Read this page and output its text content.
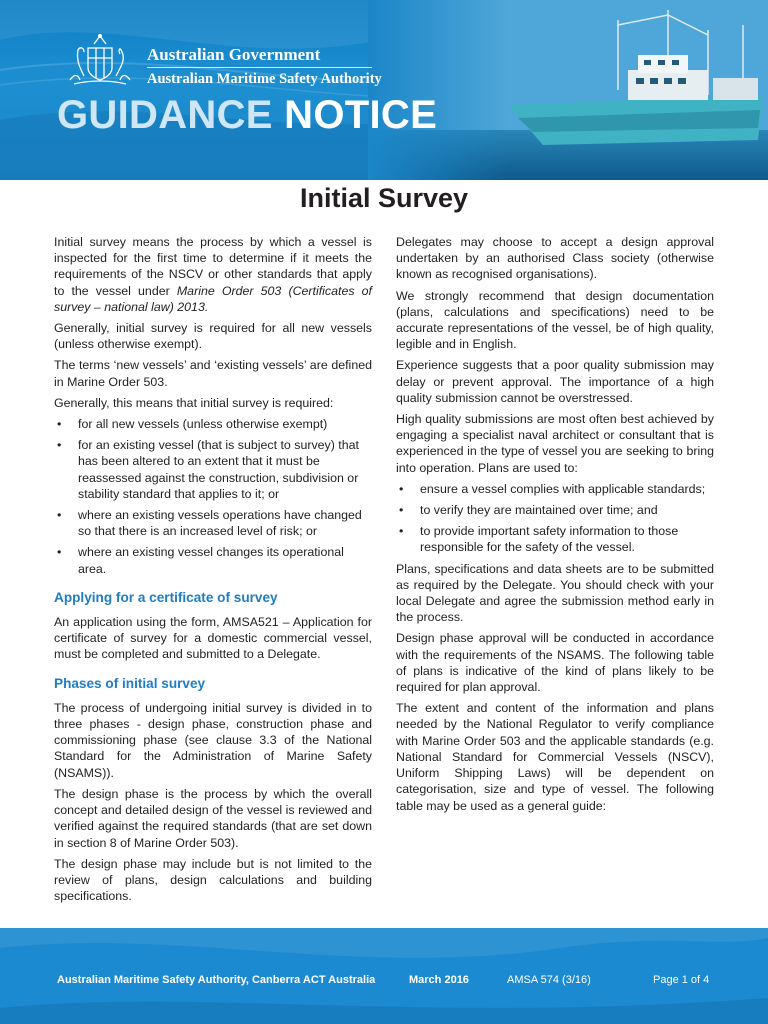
Australian Government
Australian Maritime Safety Authority
GUIDANCE NOTICE
Initial Survey

Initial survey means the process by which a vessel is inspected for the first time to determine if it meets the requirements of the NSCV or other standards that apply to the vessel under Marine Order 503 (Certificates of survey – national law) 2013.

Generally, initial survey is required for all new vessels (unless otherwise exempt).

The terms ‘new vessels’ and ‘existing vessels’ are defined in Marine Order 503.

Generally, this means that initial survey is required:

• for all new vessels (unless otherwise exempt)
• for an existing vessel (that is subject to survey) that has been altered to an extent that it must be reassessed against the construction, subdivision or stability standard that applies to it; or
• where an existing vessels operations have changed so that there is an increased level of risk; or
• where an existing vessel changes its operational area.
Applying for a certificate of survey

An application using the form, AMSA521 – Application for certificate of survey for a domestic commercial vessel, must be completed and submitted to a Delegate.

Phases of initial survey

The process of undergoing initial survey is divided in to three phases - design phase, construction phase and commissioning phase (see clause 3.3 of the National Standard for the Administration of Marine Safety (NSAMS)).

The design phase is the process by which the overall concept and detailed design of the vessel is reviewed and verified against the required standards (that are set down in section 8 of Marine Order 503).

The design phase may include but is not limited to the review of plans, design calculations and building specifications.

Delegates may choose to accept a design approval undertaken by an authorised Class society (otherwise known as recognised organisations).

We strongly recommend that design documentation (plans, calculations and specifications) need to be accurate representations of the vessel, be of high quality, legible and in English.

Experience suggests that a poor quality submission may delay or prevent approval. The importance of a high quality submission cannot be overstressed.

High quality submissions are most often best achieved by engaging a specialist naval architect or consultant that is experienced in the type of vessel you are seeking to bring into operation. Plans are used to:

• ensure a vessel complies with applicable standards;
• to verify they are maintained over time; and
• to provide important safety information to those responsible for the safety of the vessel.

Plans, specifications and data sheets are to be submitted as required by the Delegate. You should check with your local Delegate and agree the submission method early in the process.

Design phase approval will be conducted in accordance with the requirements of the NSAMS. The following table of plans is indicative of the kind of plans likely to be required for plan approval.

The extent and content of the information and plans needed by the National Regulator to verify compliance with Marine Order 503 and the applicable standards (e.g. National Standard for Commercial Vessels (NSCV), Uniform Shipping Laws) will be dependent on categorisation, size and type of vessel. The following table may be used as a general guide:

Australian Maritime Safety Authority, Canberra ACT Australia	March 2016	AMSA 574 (3/16)	Page 1 of 4
